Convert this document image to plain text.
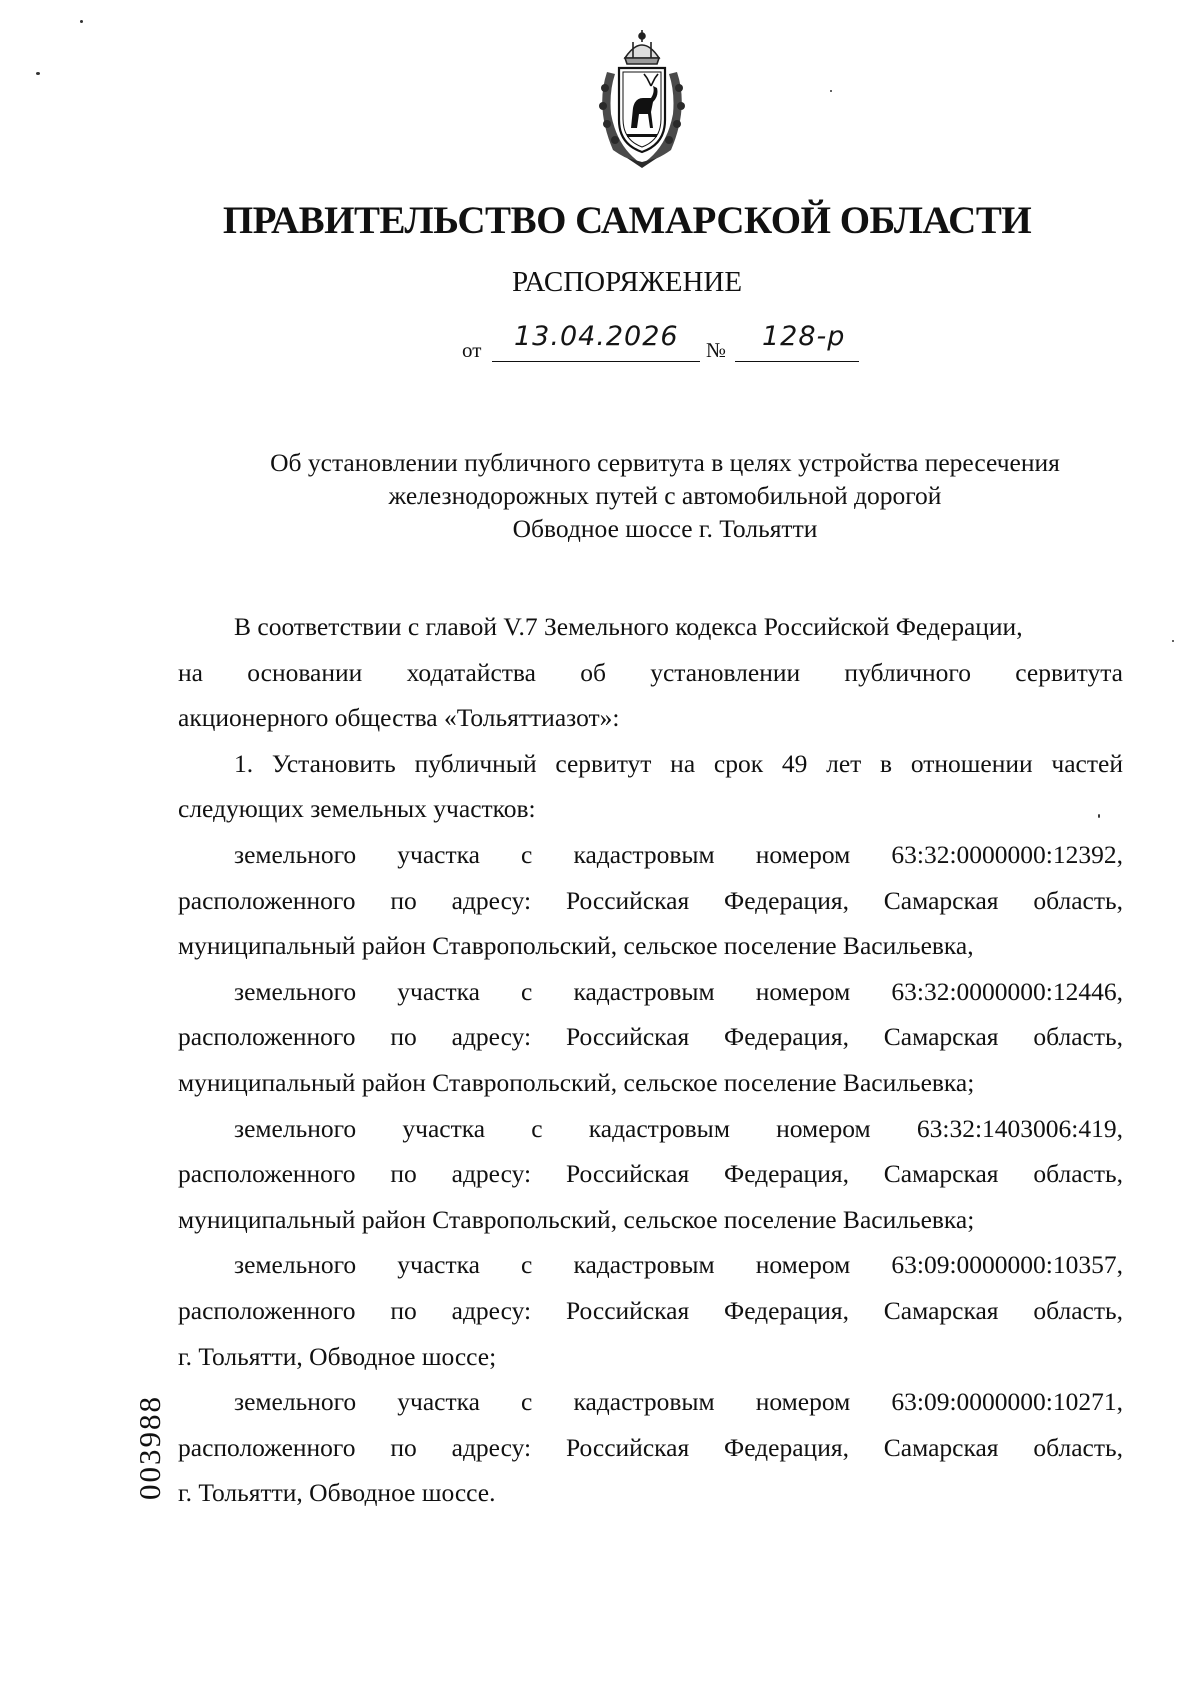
ПРАВИТЕЛЬСТВО САМАРСКОЙ ОБЛАСТИ
РАСПОРЯЖЕНИЕ
от 13.04.2026 № 128-р
Об установлении публичного сервитута в целях устройства пересечения
железнодорожных путей с автомобильной дорогой
Обводное шоссе г. Тольятти

В соответствии с главой V.7 Земельного кодекса Российской Федерации,

на основании ходатайства об установлении публичного сервитута

акционерного общества «Тольяттиазот»:

1. Установить публичный сервитут на срок 49 лет в отношении частей следующих земельных участков:

земельного участка с кадастровым номером 63:32:0000000:12392,

расположенного по адресу: Российская Федерация, Самарская область,

муниципальный район Ставропольский, сельское поселение Васильевка,

земельного участка с кадастровым номером 63:32:0000000:12446,

расположенного по адресу: Российская Федерация, Самарская область,

муниципальный район Ставропольский, сельское поселение Васильевка;

земельного участка с кадастровым номером 63:32:1403006:419,

расположенного по адресу: Российская Федерация, Самарская область,

муниципальный район Ставропольский, сельское поселение Васильевка;

земельного участка с кадастровым номером 63:09:0000000:10357,

расположенного по адресу: Российская Федерация, Самарская область,

г. Тольятти, Обводное шоссе;

земельного участка с кадастровым номером 63:09:0000000:10271,

расположенного по адресу: Российская Федерация, Самарская область,

г. Тольятти, Обводное шоссе.

003988
